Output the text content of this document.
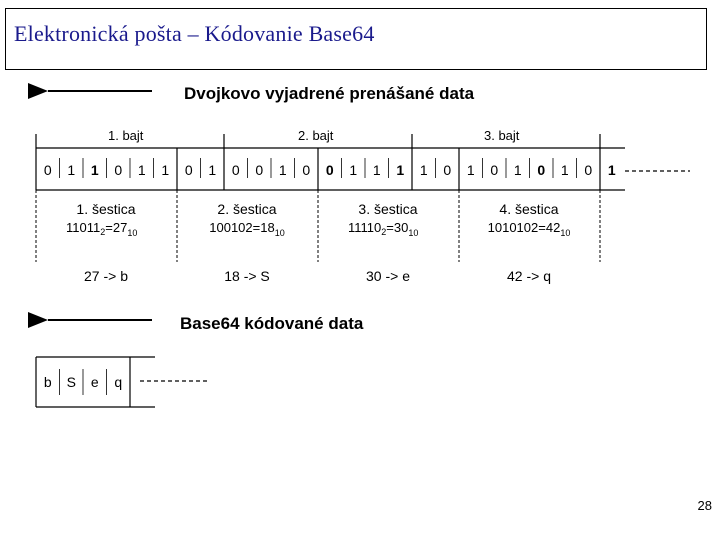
Elektronická pošta – Kódovanie Base64
Dvojkovo vyjadrené prenášané data
1. bajt	2. bajt	3. bajt
0 1 1 0 1 1 0 1 0 0 1 0 0 1 1 1 1 0 1 0 1 0 1 0 1
1. šestica
$11011_2=27_{10}$
27 -> b
2. šestica
$100102=18_{10}$
18 -> S
3. šestica
$11110_2=30_{10}$
30 -> e
4. šestica
$1010102=42_{10}$
42 -> q
Base64 kódované data
b S e q
28
